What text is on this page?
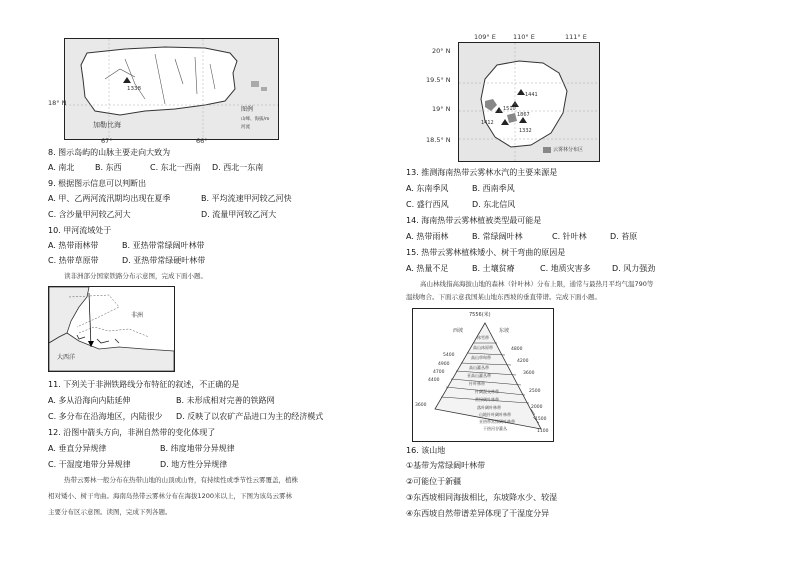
加勒比海
1338
图例
山峰、海拔/m
河流
18° N
67°	66°
8. 图示岛屿的山脉主要走向大致为
A. 南北	B. 东西	C. 东北一西南 D. 西北一东南
9. 根据图示信息可以判断出
A. 甲、乙两河流汛期均出现在夏季	B. 平均流速甲河较乙河快
C. 含沙量甲河较乙河大	D. 流量甲河较乙河大
10. 甲河流域处于
A. 热带雨林带	B. 亚热带常绿阔叶林带
C. 热带草原带	D. 亚热带常绿硬叶林带
读非洲部分国家铁路分布示意图，完成下面小题。
非洲
大西洋
11. 下列关于非洲铁路线分布特征的叙述，不正确的是
A. 多从沿海向内陆延伸	B. 未形成相对完善的铁路网
C. 多分布在沿海地区，内陆很少 D. 反映了以农矿产品进口为主的经济模式
12. 沿图中箭头方向，非洲自然带的变化体现了
A. 垂直分异规律	B. 纬度地带分异规律
C. 干湿度地带分异规律	D. 地方性分异规律
热带云雾林一般分布在热带山地的山顶或山脊，有持续性或季节性云雾覆盖，植株
相对矮小、树干弯曲。海南岛热带云雾林分布在海拔1200米以上，下图为该岛云雾林
主要分布区示意图。读图，完成下列各题。
109° E	110° E	111° E
20° N
19.5° N
19° N
18.5° N
1441
1510
1867
1412
1332
云雾林分布区
13. 推测海南热带云雾林水汽的主要来源是
A. 东南季风	B. 西南季风
C. 盛行西风	D. 东北信风
14. 海南热带云雾林植被类型最可能是
A. 热带雨林	B. 常绿阔叶林	C. 针叶林	D. 苔原
15. 热带云雾林植株矮小、树干弯曲的原因是
A. 热量不足	B. 土壤贫瘠	C. 地质灾害多	D. 风力强劲
高山林线指高海拔山地的森林（针叶林）分布上限，通常与最热月平均气温790等
温线吻合。下面示意我国某山地东西坡的垂直带谱。完成下面小题。
7556(米)
西坡	东坡
冰雪带
高山冰原带
高山草甸带
高山灌丛带
亚高山灌丛带
针叶林带
针阔混交林带
常绿阔叶林带
落叶阔叶林带
山地针叶阔叶林带
亚热带常绿阔叶林带
干热河谷灌丛
5400
4900
4700
4400
3600
4800
4200
3600
2500
2000
1500
1100
16. 该山地
①基带为常绿阔叶林带
②可能位于新疆
③东西坡相同海拔相比，东坡降水少、较湿
④东西坡自然带谱差异体现了干湿度分异
